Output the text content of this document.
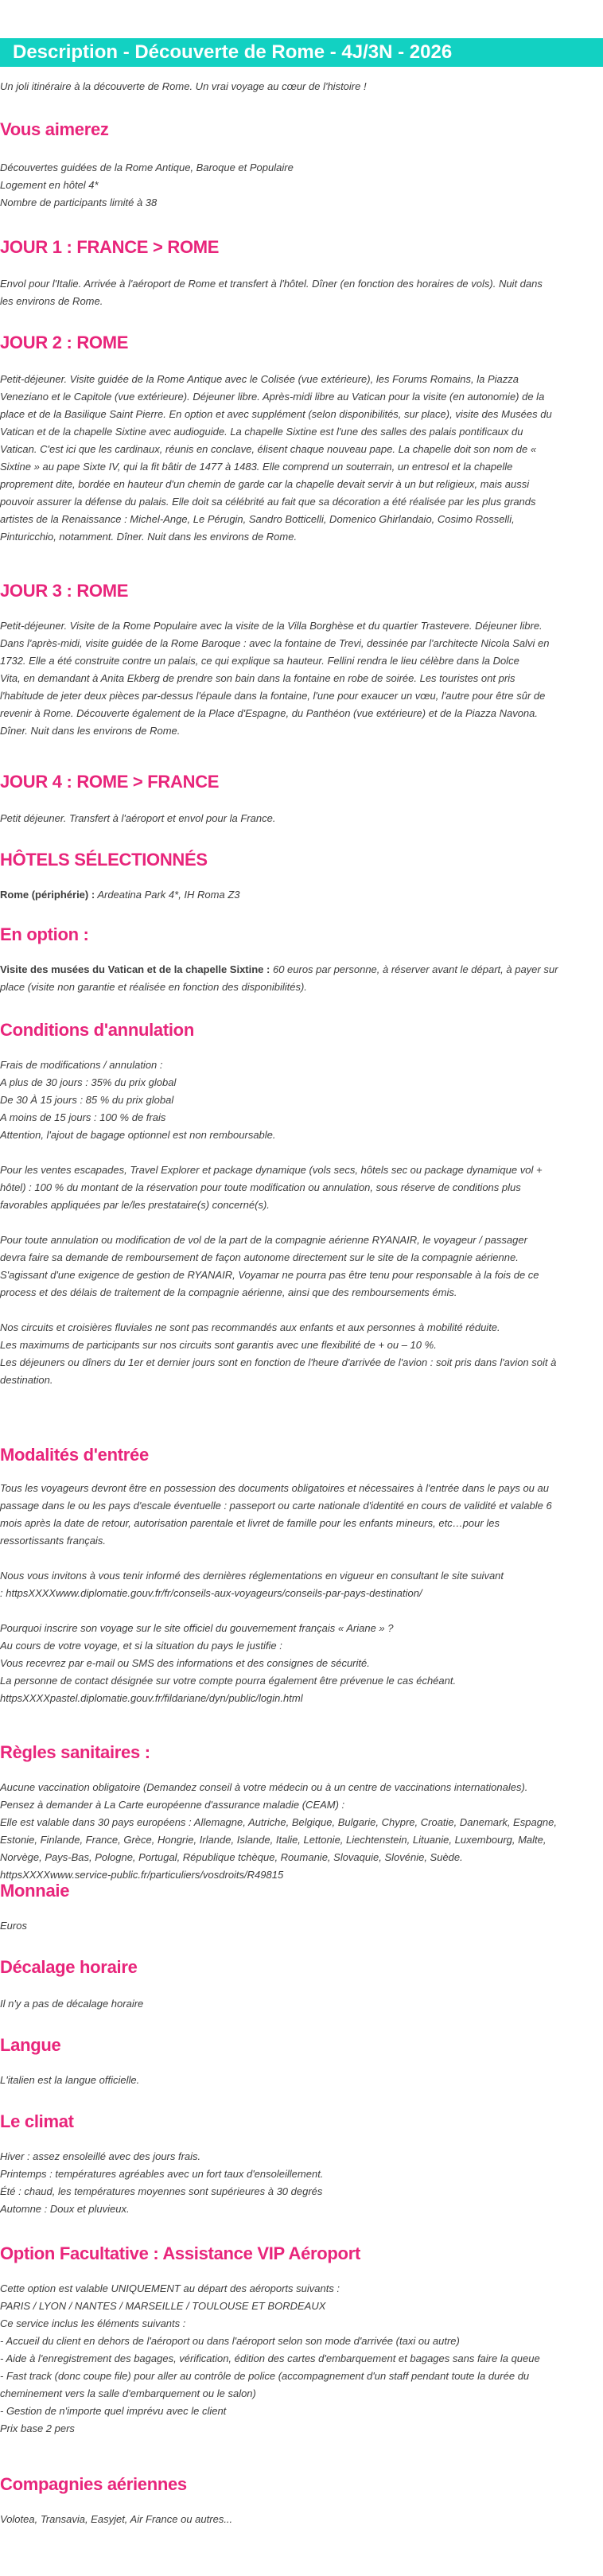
Description - Découverte de Rome - 4J/3N - 2026
Un joli itinéraire à la découverte de Rome. Un vrai voyage au cœur de l'histoire !
Vous aimerez

Découvertes guidées de la Rome Antique, Baroque et Populaire

Logement en hôtel 4*

Nombre de participants limité à 38

JOUR 1 : FRANCE > ROME

Envol pour l'Italie. Arrivée à l'aéroport de Rome et transfert à l'hôtel. Dîner (en fonction des horaires de vols). Nuit dans

les environs de Rome.

JOUR 2 : ROME

Petit-déjeuner. Visite guidée de la Rome Antique avec le Colisée (vue extérieure), les Forums Romains, la Piazza

Veneziano et le Capitole (vue extérieure). Déjeuner libre. Après-midi libre au Vatican pour la visite (en autonomie) de la

place et de la Basilique Saint Pierre. En option et avec supplément (selon disponibilités, sur place), visite des Musées du

Vatican et de la chapelle Sixtine avec audioguide. La chapelle Sixtine est l'une des salles des palais pontificaux du

Vatican. C'est ici que les cardinaux, réunis en conclave, élisent chaque nouveau pape. La chapelle doit son nom de «

Sixtine » au pape Sixte IV, qui la fit bâtir de 1477 à 1483. Elle comprend un souterrain, un entresol et la chapelle

proprement dite, bordée en hauteur d'un chemin de garde car la chapelle devait servir à un but religieux, mais aussi

pouvoir assurer la défense du palais. Elle doit sa célébrité au fait que sa décoration a été réalisée par les plus grands

artistes de la Renaissance : Michel-Ange, Le Pérugin, Sandro Botticelli, Domenico Ghirlandaio, Cosimo Rosselli,

Pinturicchio, notamment. Dîner. Nuit dans les environs de Rome.

JOUR 3 : ROME

Petit-déjeuner. Visite de la Rome Populaire avec la visite de la Villa Borghèse et du quartier Trastevere. Déjeuner libre.

Dans l'après-midi, visite guidée de la Rome Baroque : avec la fontaine de Trevi, dessinée par l'architecte Nicola Salvi en

1732. Elle a été construite contre un palais, ce qui explique sa hauteur. Fellini rendra le lieu célèbre dans la Dolce

Vita, en demandant à Anita Ekberg de prendre son bain dans la fontaine en robe de soirée. Les touristes ont pris

l'habitude de jeter deux pièces par-dessus l'épaule dans la fontaine, l'une pour exaucer un vœu, l'autre pour être sûr de

revenir à Rome. Découverte également de la Place d'Espagne, du Panthéon (vue extérieure) et de la Piazza Navona.

Dîner. Nuit dans les environs de Rome.

JOUR 4 : ROME > FRANCE

Petit déjeuner. Transfert à l'aéroport et envol pour la France.

HÔTELS SÉLECTIONNÉS

Rome (périphérie) : Ardeatina Park 4*, IH Roma Z3

En option :

Visite des musées du Vatican et de la chapelle Sixtine : 60 euros par personne, à réserver avant le départ, à payer sur

place (visite non garantie et réalisée en fonction des disponibilités).

Conditions d'annulation

Frais de modifications / annulation :

A plus de 30 jours : 35% du prix global

De 30 À 15 jours : 85 % du prix global

A moins de 15 jours : 100 % de frais

Attention, l'ajout de bagage optionnel est non remboursable.

Pour les ventes escapades, Travel Explorer et package dynamique (vols secs, hôtels sec ou package dynamique vol +

hôtel) : 100 % du montant de la réservation pour toute modification ou annulation, sous réserve de conditions plus

favorables appliquées par le/les prestataire(s) concerné(s).

Pour toute annulation ou modification de vol de la part de la compagnie aérienne RYANAIR, le voyageur / passager

devra faire sa demande de remboursement de façon autonome directement sur le site de la compagnie aérienne.

S'agissant d'une exigence de gestion de RYANAIR, Voyamar ne pourra pas être tenu pour responsable à la fois de ce

process et des délais de traitement de la compagnie aérienne, ainsi que des remboursements émis.

Nos circuits et croisières fluviales ne sont pas recommandés aux enfants et aux personnes à mobilité réduite.

Les maximums de participants sur nos circuits sont garantis avec une flexibilité de + ou – 10 %.

Les déjeuners ou dîners du 1er et dernier jours sont en fonction de l'heure d'arrivée de l'avion : soit pris dans l'avion soit à

destination.

Modalités d'entrée

Tous les voyageurs devront être en possession des documents obligatoires et nécessaires à l'entrée dans le pays ou au

passage dans le ou les pays d'escale éventuelle : passeport ou carte nationale d'identité en cours de validité et valable 6

mois après la date de retour, autorisation parentale et livret de famille pour les enfants mineurs, etc…pour les

ressortissants français.

Nous vous invitons à vous tenir informé des dernières réglementations en vigueur en consultant le site suivant

: httpsXXXXwww.diplomatie.gouv.fr/fr/conseils-aux-voyageurs/conseils-par-pays-destination/

Pourquoi inscrire son voyage sur le site officiel du gouvernement français « Ariane » ?

Au cours de votre voyage, et si la situation du pays le justifie :

Vous recevrez par e-mail ou SMS des informations et des consignes de sécurité.

La personne de contact désignée sur votre compte pourra également être prévenue le cas échéant.

httpsXXXXpastel.diplomatie.gouv.fr/fildariane/dyn/public/login.html

Règles sanitaires :

Aucune vaccination obligatoire (Demandez conseil à votre médecin ou à un centre de vaccinations internationales).

Pensez à demander à La Carte européenne d'assurance maladie (CEAM) :

Elle est valable dans 30 pays européens : Allemagne, Autriche, Belgique, Bulgarie, Chypre, Croatie, Danemark, Espagne,

Estonie, Finlande, France, Grèce, Hongrie, Irlande, Islande, Italie, Lettonie, Liechtenstein, Lituanie, Luxembourg, Malte,

Norvège, Pays-Bas, Pologne, Portugal, République tchèque, Roumanie, Slovaquie, Slovénie, Suède.

httpsXXXXwww.service-public.fr/particuliers/vosdroits/R49815

Monnaie

Euros

Décalage horaire

Il n'y a pas de décalage horaire

Langue

L'italien est la langue officielle.

Le climat

Hiver : assez ensoleillé avec des jours frais.

Printemps : températures agréables avec un fort taux d'ensoleillement.

Été : chaud, les températures moyennes sont supérieures à 30 degrés

Automne : Doux et pluvieux.

Option Facultative : Assistance VIP Aéroport

Cette option est valable UNIQUEMENT au départ des aéroports suivants :

PARIS / LYON / NANTES / MARSEILLE / TOULOUSE ET BORDEAUX

Ce service inclus les éléments suivants :

- Accueil du client en dehors de l'aéroport ou dans l'aéroport selon son mode d'arrivée (taxi ou autre)

- Aide à l'enregistrement des bagages, vérification, édition des cartes d'embarquement et bagages sans faire la queue

- Fast track (donc coupe file) pour aller au contrôle de police (accompagnement d'un staff pendant toute la durée du

cheminement vers la salle d'embarquement ou le salon)

- Gestion de n'importe quel imprévu avec le client

Prix base 2 pers

Compagnies aériennes

Volotea, Transavia, Easyjet, Air France ou autres...
